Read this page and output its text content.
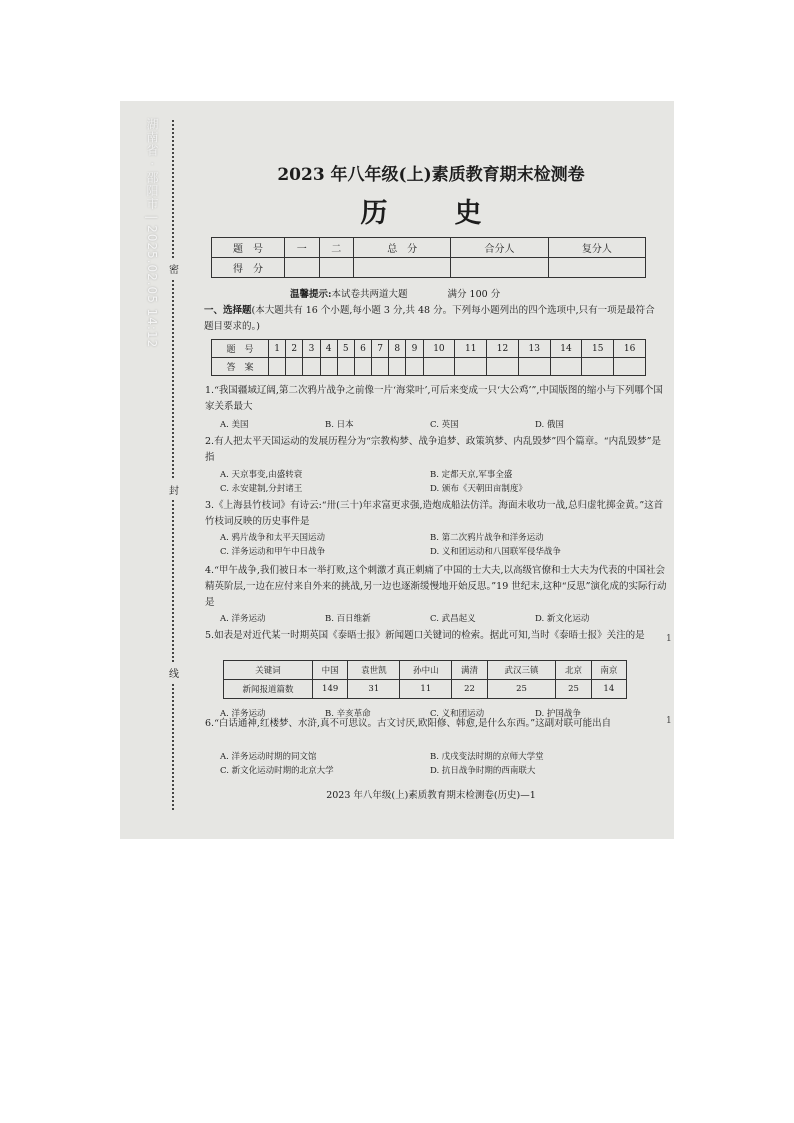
湖南省 · 邵阳市 | 2025.02.05 14:12 密
封
线
1
1
2023 年八年级(上)素质教育期末检测卷
历　史
题　号	一	二	总　分	合分人	复分人
得　分					
温馨提示:本试卷共两道大题	满分 100 分

一、选择题(本大题共有 16 个小题,每小题 3 分,共 48 分。下列每小题列出的四个选项中,只有一项是最符合题目要求的。)

题　号	1	2	3	4	5	6	7	8	9	10	11	12	13	14	15	16
答　案																

1.“我国疆域辽阔,第二次鸦片战争之前像一片‘海棠叶’,可后来变成一只‘大公鸡’”,中国版图的缩小与下列哪个国家关系最大

A. 美国	B. 日本	C. 英国	D. 俄国

2.有人把太平天国运动的发展历程分为“宗教构梦、战争追梦、政策筑梦、内乱毁梦”四个篇章。“内乱毁梦”是指

A. 天京事变,由盛转衰	B. 定都天京,军事全盛
C. 永安建制,分封诸王	D. 颁布《天朝田亩制度》

3.《上海县竹枝词》有诗云:“卅(三十)年求富更求强,造炮成船法仿洋。海面未收功一战,总归虚牝掷金黄。”这首竹枝词反映的历史事件是

A. 鸦片战争和太平天国运动	B. 第二次鸦片战争和洋务运动
C. 洋务运动和甲午中日战争	D. 义和团运动和八国联军侵华战争

4.“甲午战争,我们被日本一举打败,这个刺激才真正刺痛了中国的士大夫,以高级官僚和士大夫为代表的中国社会精英阶层,一边在应付来自外来的挑战,另一边也逐渐缓慢地开始反思。”19 世纪末,这种“反思”演化成的实际行动是

A. 洋务运动	B. 百日维新	C. 武昌起义	D. 新文化运动

5.如表是对近代某一时期英国《泰晤士报》新闻题口关键词的检索。据此可知,当时《泰晤士报》关注的是

关键词	中国	袁世凯	孙中山	满清	武汉三镇	北京	南京
新闻报道篇数	149	31	11	22	25	25	14
A. 洋务运动	B. 辛亥革命	C. 义和团运动	D. 护国战争

6.“白话通神,红楼梦、水浒,真不可思议。古文讨厌,欧阳修、韩愈,是什么东西。”这副对联可能出自

A. 洋务运动时期的同文馆	B. 戊戌变法时期的京师大学堂
C. 新文化运动时期的北京大学	D. 抗日战争时期的西南联大

2023 年八年级(上)素质教育期末检测卷(历史)—1
